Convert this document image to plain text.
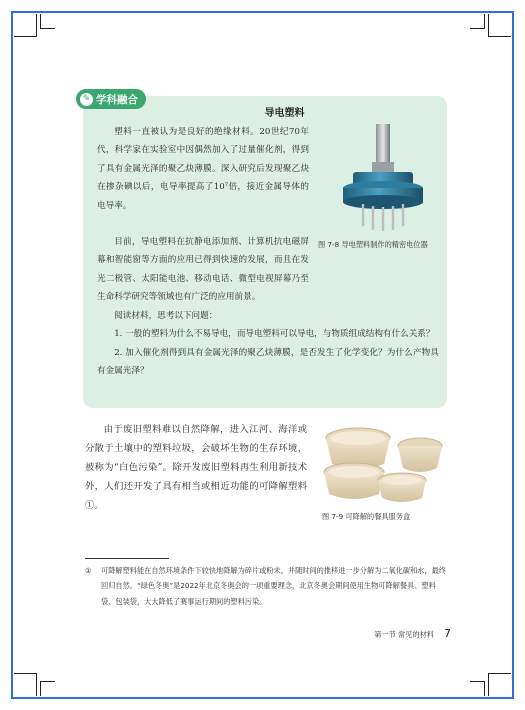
✎ 学科融合
导电塑料

塑料一直被认为是良好的绝缘材料。20世纪70年代，科学家在实验室中因偶然加入了过量催化剂，得到了具有金属光泽的聚乙炔薄膜。深入研究后发现聚乙炔在掺杂碘以后，电导率提高了10⁷倍，接近金属导体的电导率。

图 7-8 导电塑料制作的精密电位器

目前，导电塑料在抗静电添加剂、计算机抗电磁屏幕和智能窗等方面的应用已得到快速的发展，而且在发光二极管、太阳能电池、移动电话、微型电视屏幕乃至生命科学研究等领域也有广泛的应用前景。

阅读材料，思考以下问题：

1. 一般的塑料为什么不易导电，而导电塑料可以导电，与物质组成结构有什么关系？

2. 加入催化剂得到具有金属光泽的聚乙炔薄膜，是否发生了化学变化？为什么产物具有金属光泽？

由于废旧塑料难以自然降解，进入江河、海洋或分散于土壤中的塑料垃圾，会破坏生物的生存环境，被称为“白色污染”。除开发废旧塑料再生利用新技术外，人们还开发了具有相当或相近功能的可降解塑料①。

图 7-9 可降解的餐具服务盒
① 可降解塑料能在自然环境条件下较快地降解为碎片或粉末，并随时间的推移进一步分解为二氧化碳和水，最终回归自然。“绿色冬奥”是2022年北京冬奥会的一项重要理念，北京冬奥会期间使用生物可降解餐具、塑料袋、包装袋，大大降低了赛事运行期间的塑料污染。
第一节 常见的材料 7
